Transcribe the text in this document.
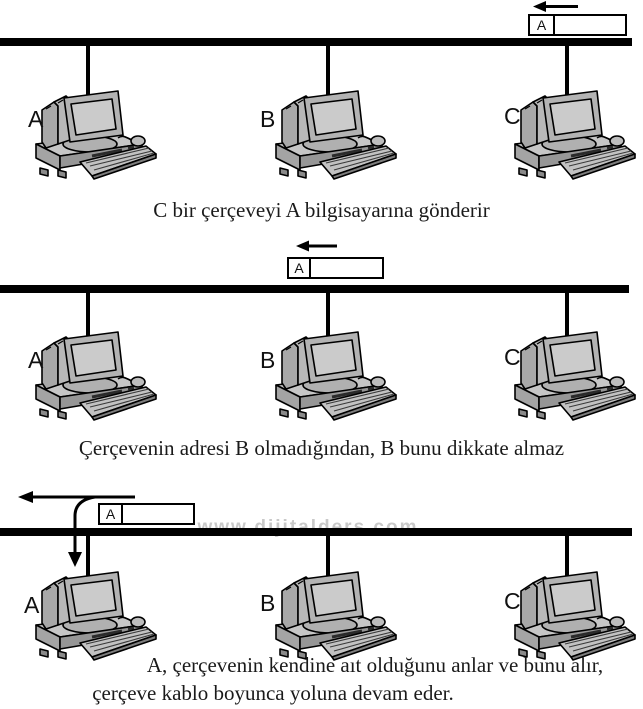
A
A	B	C
C bir çerçeveyi A bilgisayarına gönderir
A
A	B	C
Çerçevenin adresi B olmadığından, B bunu dikkate almaz
A
A	B	C
A, çerçevenin kendine aıt olduğunu anlar ve bunu alır,
çerçeve kablo boyunca yoluna devam eder.
